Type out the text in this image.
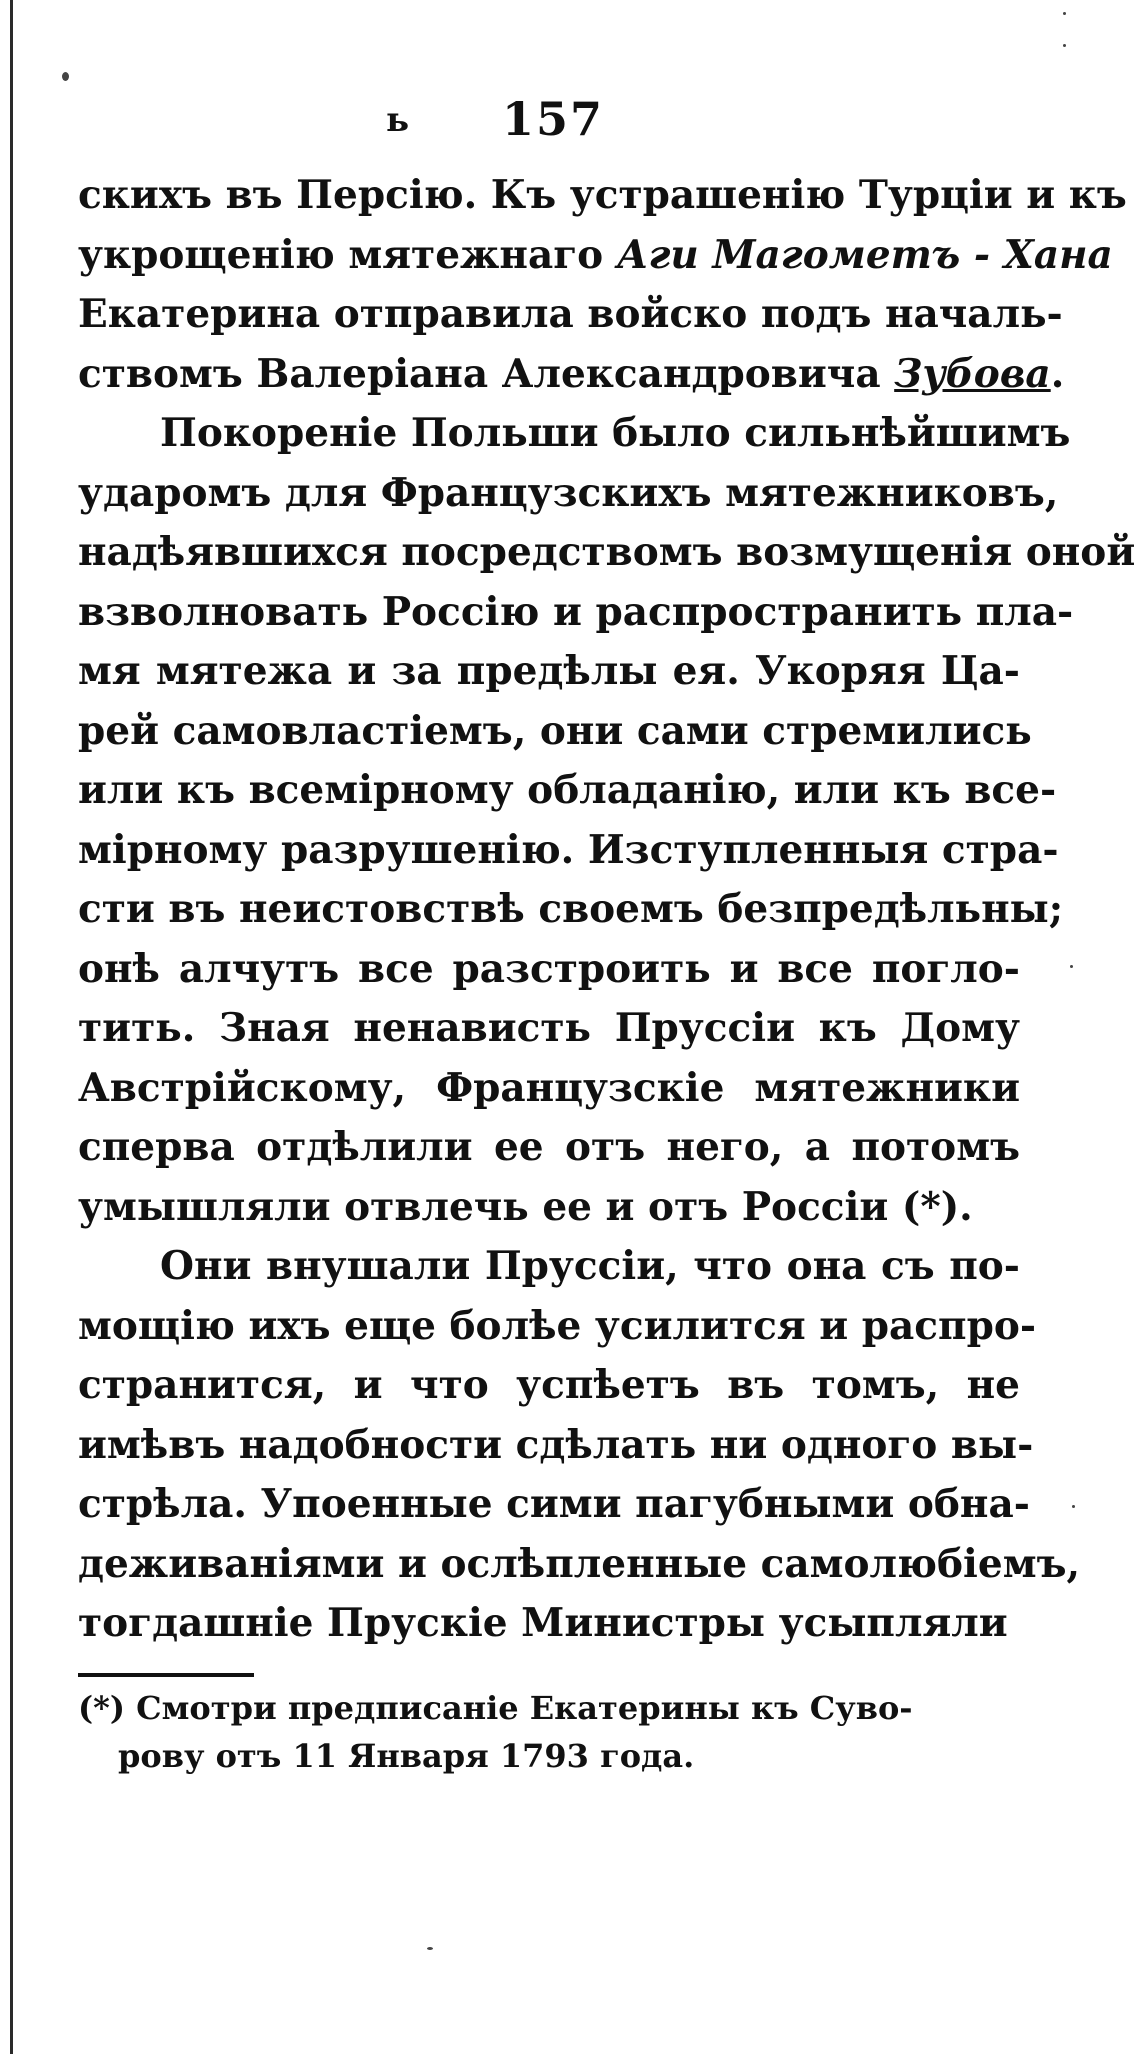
ь 157
скихъ въ Персію. Къ устрашенію Турціи и къ
укрощенію мятежнаго Аги Магометъ - Хана
Екатерина отправила войско подъ началь-
ствомъ Валеріана Александровича Зубова.
Покореніе Польши было сильнѣйшимъ
ударомъ для Французскихъ мятежниковъ,
надѣявшихся посредствомъ возмущенія оной
взволновать Россію и распространить пла-
мя мятежа и за предѣлы ея. Укоряя Ца-
рей самовластіемъ, они сами стремились
или къ всемірному обладанію, или къ все-
мірному разрушенію. Изступленныя стра-
сти въ неистовствѣ своемъ безпредѣльны;
онѣ алчутъ все разстроить и все погло-
тить. Зная ненависть Пруссіи къ Дому
Австрійскому, Французскіе мятежники
сперва отдѣлили ее отъ него, а потомъ
умышляли отвлечь ее и отъ Россіи (*).
Они внушали Пруссіи, что она съ по-
мощію ихъ еще болѣе усилится и распро-
странится, и что успѣетъ въ томъ, не
имѣвъ надобности сдѣлать ни одного вы-
стрѣла. Упоенные сими пагубными обна-
деживаніями и ослѣпленные самолюбіемъ,
тогдашніе Пруcкіе Министры усыпляли
(*) Смотри предписаніе Екатерины къ Суво-
рову отъ 11 Января 1793 года.
